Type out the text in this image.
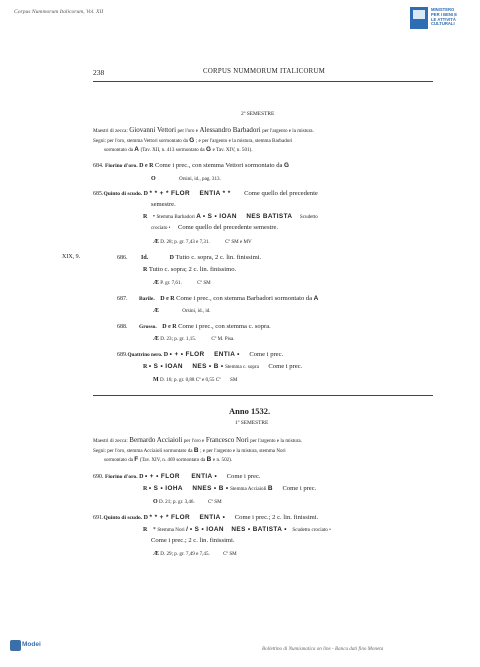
Corpus Nummorum Italicorum, Vol. XII	MINISTERO
PER I BENI E
LE ATTIVITÀ
CULTURALI
238	CORPUS NUMMORUM ITALICORUM
2º SEMESTRE
Maestri di zecca: Giovanni Vettori per l'oro e Alessandro Barbadori per l'argento e la mistura.
Segni: per l'oro, stemma Vettori sormontato da G ; e per l'argento e la mistura, stemma Barbadori
sormontato da A (Tav. XII, n. 413 sormontato da G e Tav. XIV, n. 501).
684. Fiorino d'oro. D e R Come i prec., con stemma Vettori sormontato da G
O	Orsini, id., pag. 313.
685.Quinto di scudo. D * * + * FLOR ENTIA * * Come quello del precedente
semestre.
R • Stemma Barbadori A • S • IOAN NES BATISTA Scudetto
crociato • Come quello del precedente semestre.
Æ D. 28; p. gr. 7,43 e 7,31.	Cº SM e MV
XIX, 9.	686. Id.	D Tutto c. sopra, 2 c. lin. finissimi.
R Tutto c. sopra; 2 c. lin. finissimo.
Æ P. gr. 7,61.	Cº SM
687. Barile. D e R Come i prec., con stemma Barbadori sormontato da A
Æ	Orsini, id., id.
688. Grosso. D e R Come i prec., con stemma c. sopra.
Æ D. 23; p. gr. 1,15.	Cº M. Pisa.
689.Quattrino nero. D • + • FLOR ENTIA • Come i prec.
R • S • IOAN NES • B • Stemma c. sopra Come i prec.
M D. 16; p. gr. 0,88 Cº e 0,55 Cº SM
Anno 1532.
1º SEMESTRE
Maestri di zecca: Bernardo Acciaioli per l'oro e Francesco Nori per l'argento e la mistura.
Segni: per l'oro, stemma Acciaioli sormontato da B ; e per l'argento e la mistura, stemma Nori
sormontato da F (Tav. XIV, n. 469 sormontato da B e n. 502).
690. Fiorino d'oro. D • + • FLOR ENTIA • Come i prec.
R • S • IOHA NNES • B • Stemma Acciaioli B Come i prec.
O D. 21; p. gr. 3,46.	Cº SM
691.Quinto di scudo. D * * + * FLOR ENTIA • Come i prec.; 2 c. lin. finissimi.
R * Stemma Nori / • S • IOAN NES • BATISTA • Scudetto crociato •
Come i prec.; 2 c. lin. finissimi.
Æ D. 29; p. gr. 7,49 e 7,45.	Cº SM
Modei
Bollettino di Numismatica on line - Banca dati fino Moneta
